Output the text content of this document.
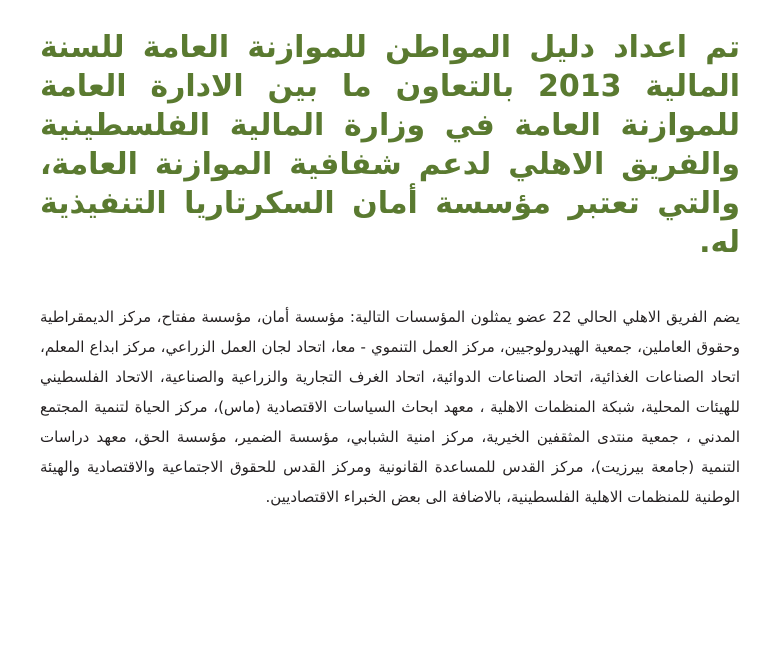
تم اعداد دليل المواطن للموازنة العامة للسنة المالية 2013 بالتعاون ما بين الادارة العامة للموازنة العامة في وزارة المالية الفلسطينية والفريق الاهلي لدعم شفافية الموازنة العامة، والتي تعتبر مؤسسة أمان السكرتاريا التنفيذية له.

يضم الفريق الاهلي الحالي 22 عضو يمثلون المؤسسات التالية: مؤسسة أمان، مؤسسة مفتاح، مركز الديمقراطية وحقوق العاملين، جمعية الهيدرولوجيين، مركز العمل التنموي - معا، اتحاد لجان العمل الزراعي، مركز ابداع المعلم، اتحاد الصناعات الغذائية، اتحاد الصناعات الدوائية، اتحاد الغرف التجارية والزراعية والصناعية، الاتحاد الفلسطيني للهيئات المحلية، شبكة المنظمات الاهلية ، معهد ابحاث السياسات الاقتصادية (ماس)، مركز الحياة لتنمية المجتمع المدني ، جمعية منتدى المثقفين الخيرية، مركز امنية الشبابي، مؤسسة الضمير، مؤسسة الحق، معهد دراسات التنمية (جامعة بيرزيت)، مركز القدس للمساعدة القانونية ومركز القدس للحقوق الاجتماعية والاقتصادية والهيئة الوطنية للمنظمات الاهلية الفلسطينية، بالاضافة الى بعض الخبراء الاقتصاديين.
